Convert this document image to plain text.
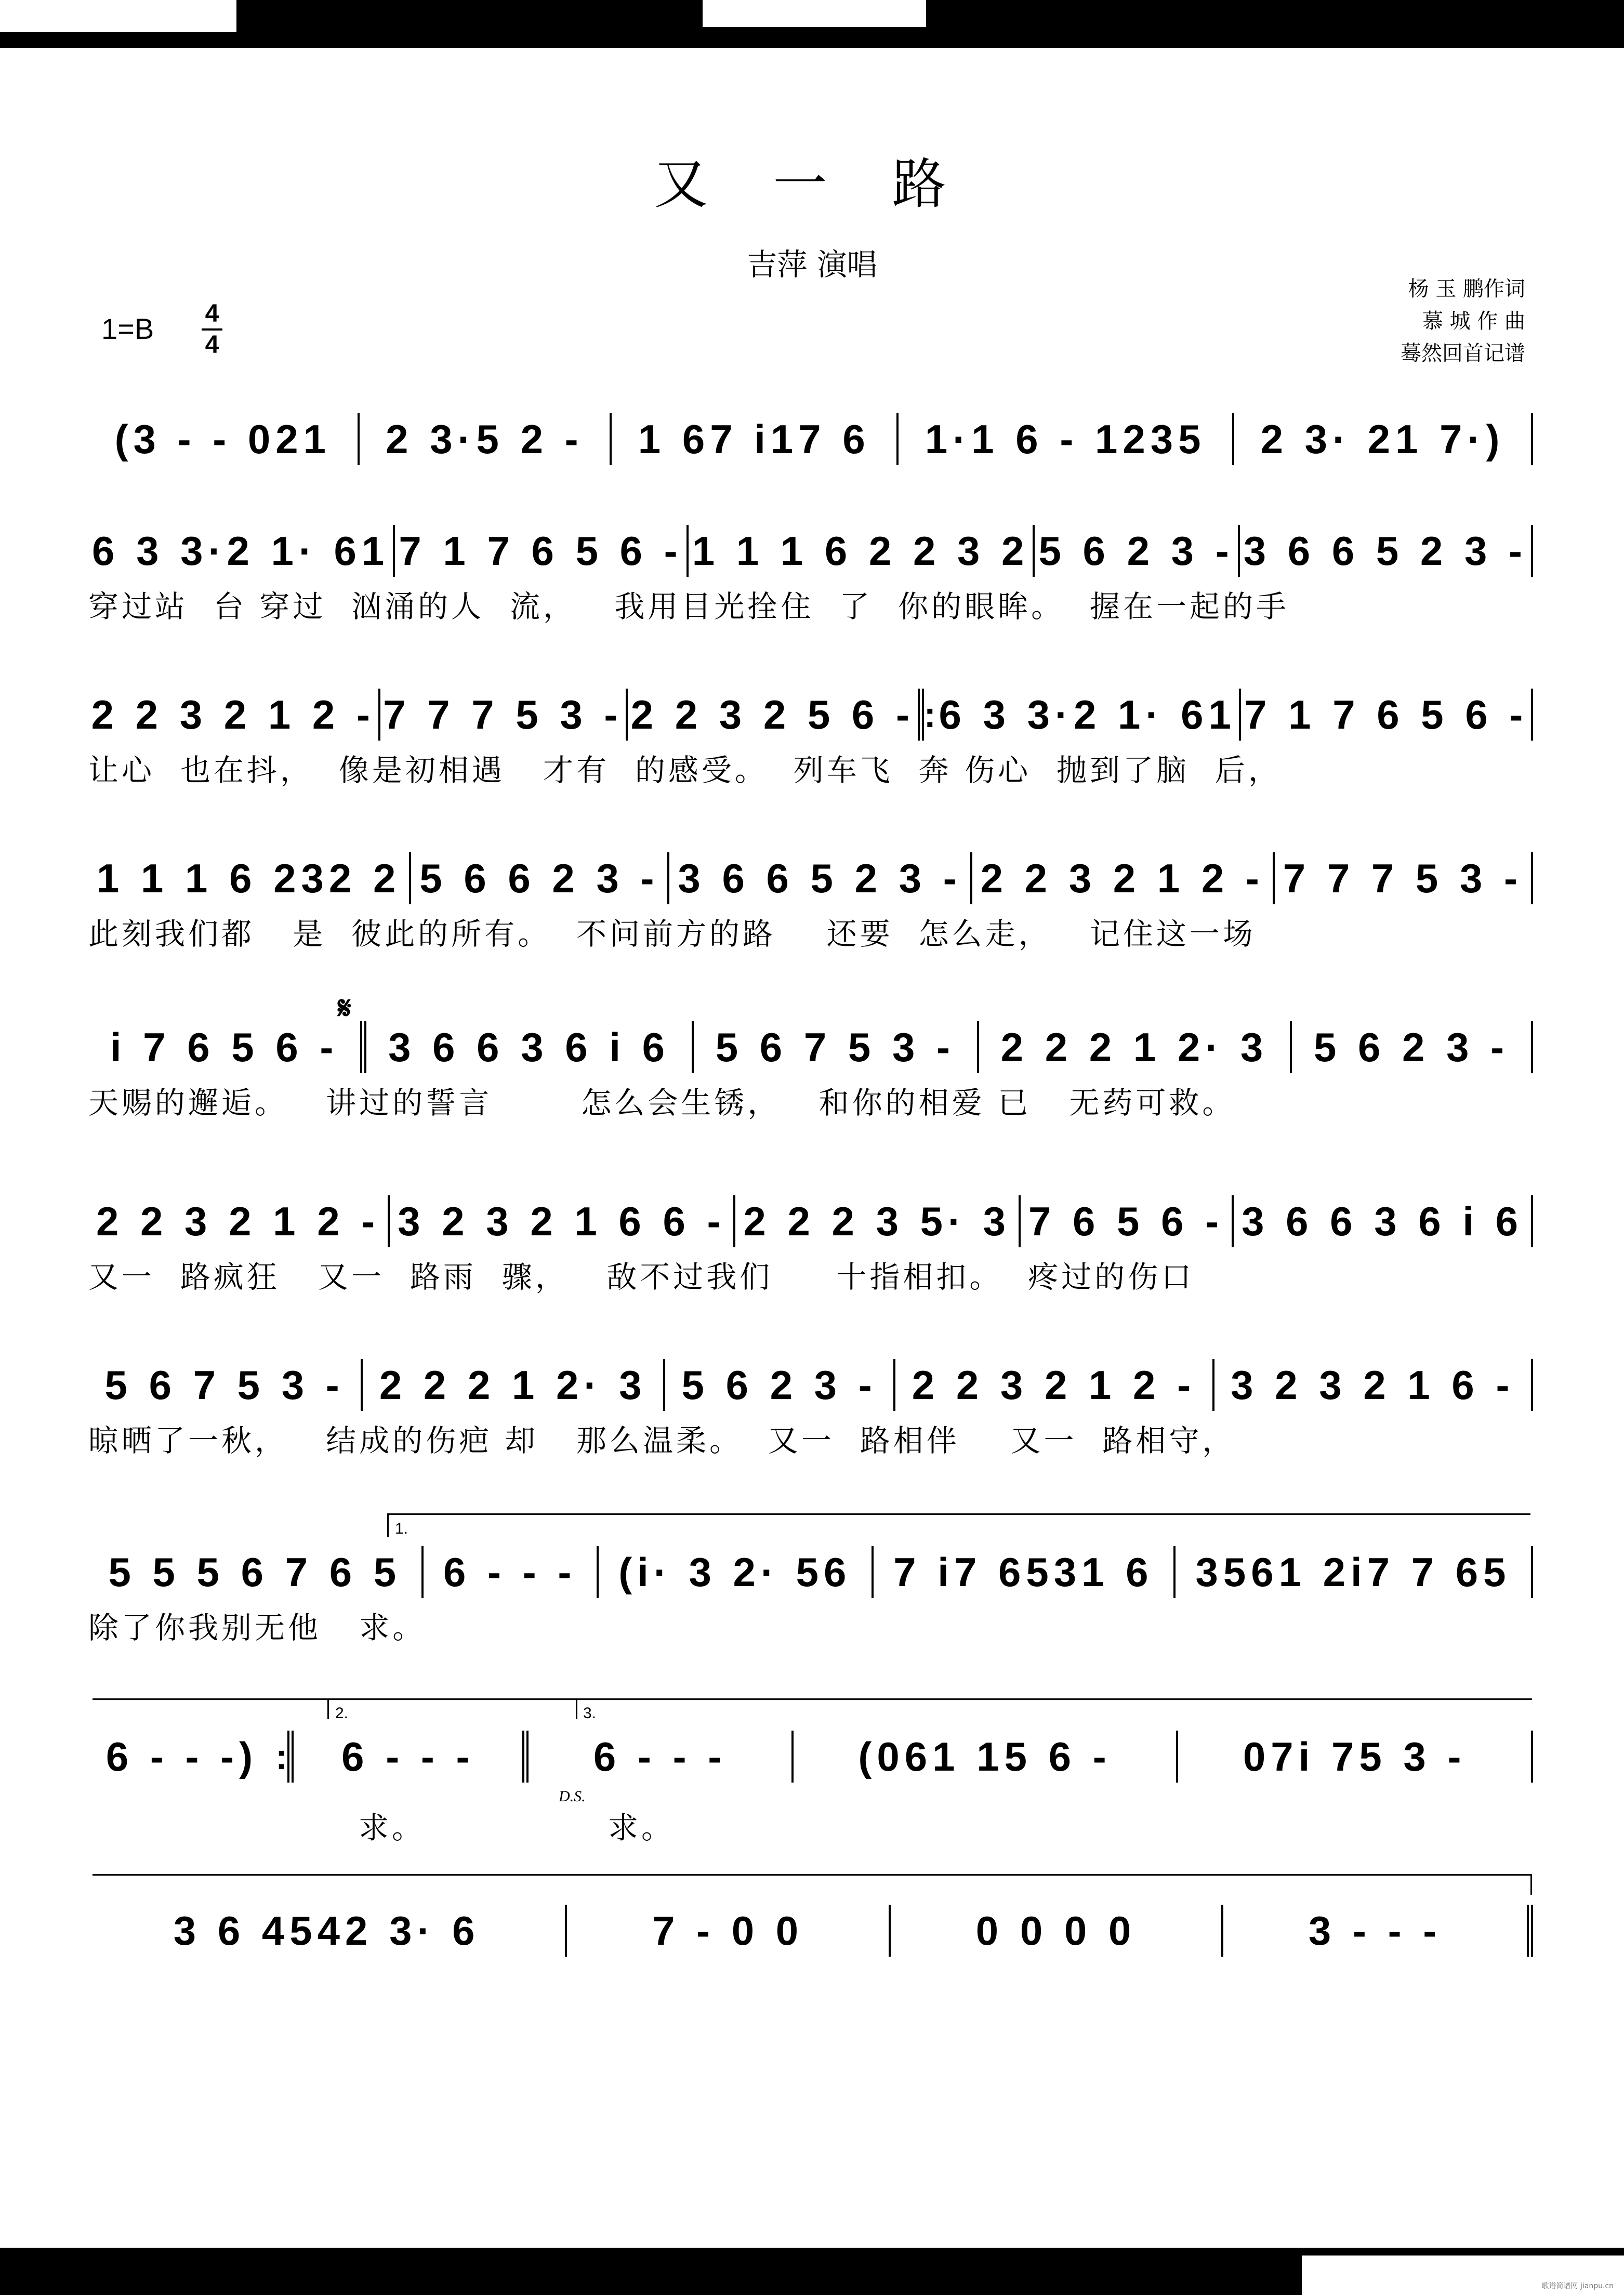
又 一 路
吉萍 演唱
杨 玉 鹏作词
慕 城 作 曲
蓦然回首记谱
1=B 4
4
(3 - - 021	2 3·5 2 -	1 67 i17 6	1·1 6 - 1235	2 3· 21 7·)
6 3 3·2 1· 61 7 1 7 6 5 6 - 1 1 1 6 2 2 3 2 5 6 2 3 - 3 6 6 5 2 3 -
穿过站  台 穿过  汹涌的人  流，   我用目光拴住  了  你的眼眸。  握在一起的手
2 2 3 2 1 2 - 7 7 7 5 3 - 2 2 3 2 5 6 - : 6 3 3·2 1· 61 7 1 7 6 5 6 -
让心  也在抖，  像是初相遇   才有  的感受。  列车飞  奔 伤心  抛到了脑  后，
1 1 1 6 232 2 5 6 6 2 3 - 3 6 6 5 2 3 - 2 2 3 2 1 2 - 7 7 7 5 3 -
此刻我们都   是  彼此的所有。  不问前方的路    还要  怎么走，   记住这一场
𝄋
i 7 6 5 6 -	3 6 6 3 6 i 6	5 6 7 5 3 -	2 2 2 1 2· 3	5 6 2 3 -
天赐的邂逅。   讲过的誓言       怎么会生锈，   和你的相爱 已   无药可救。
2 2 3 2 1 2 - 3 2 3 2 1 6 6 - 2 2 2 3 5· 3 7 6 5 6 - 3 6 6 3 6 i 6
又一  路疯狂   又一  路雨  骤，   敌不过我们     十指相扣。  疼过的伤口
5 6 7 5 3 - 2 2 2 1 2· 3 5 6 2 3 - 2 2 3 2 1 2 - 3 2 3 2 1 6 -
晾晒了一秋，   结成的伤疤 却   那么温柔。  又一  路相伴    又一  路相守，
1.
5 5 5 6 7 6 5	6 - - -	(i· 3 2· 56	7 i7 6531 6	3561 2i7 7 65
除了你我别无他   求。
2.	3.
6 - - -) :	6 - - -	6 - - -	(061 15 6 -	07i 75 3 -
D.S.
求。	求。
3 6 4542 3· 6	7 - 0 0	0 0 0 0	3 - - -
歌谱简谱网 jianpu.cn
